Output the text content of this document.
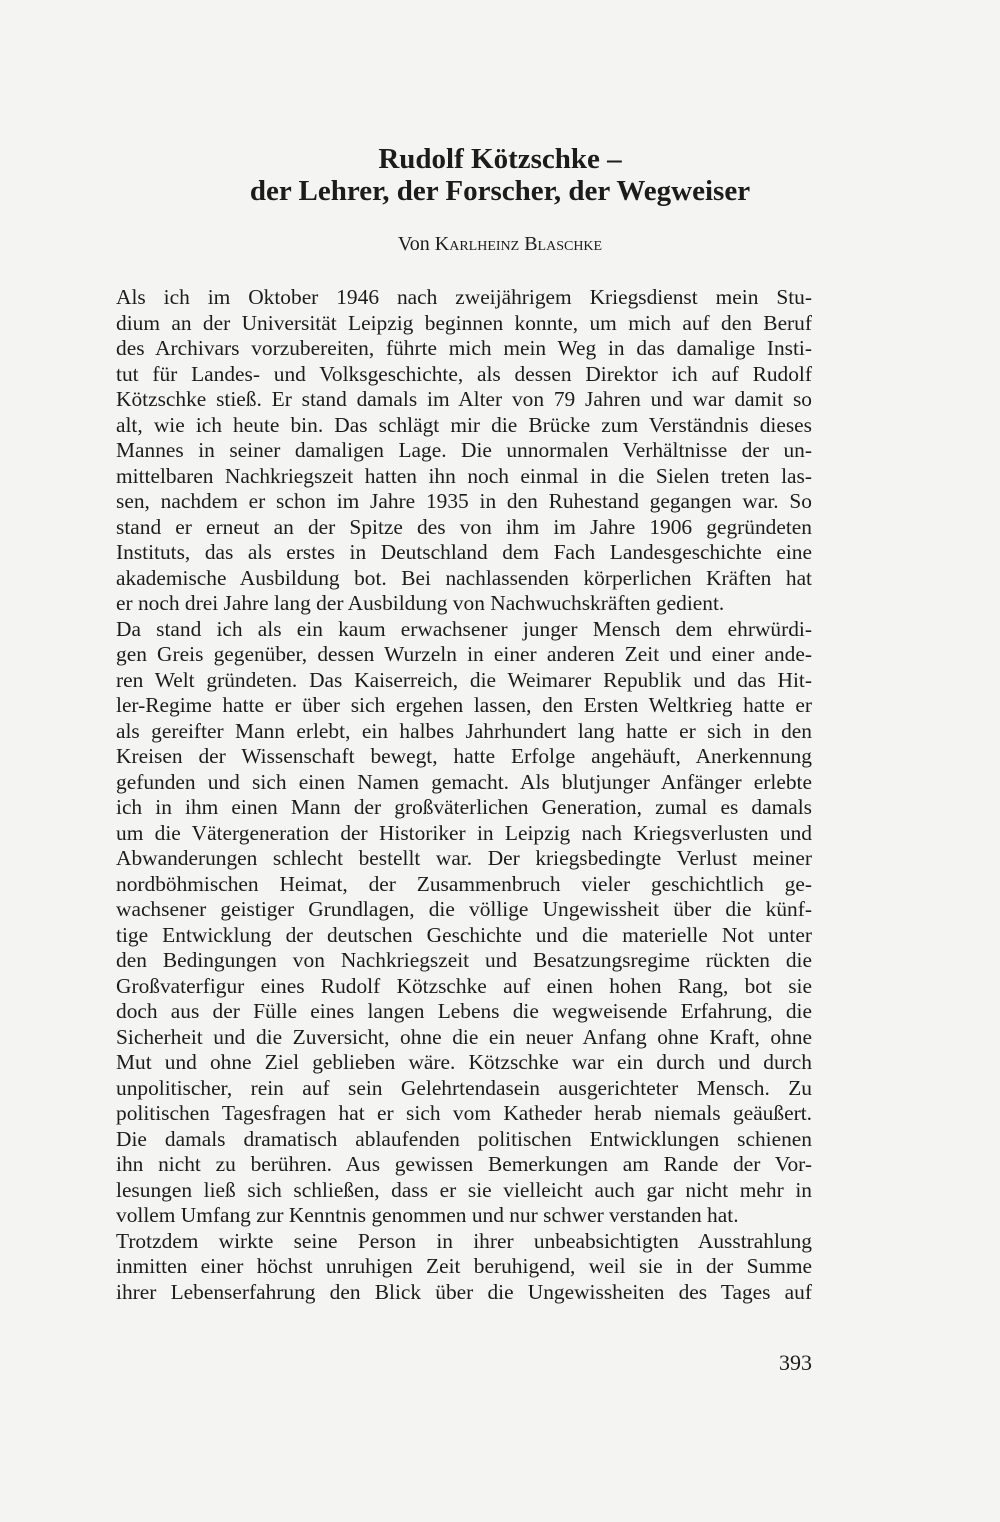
Rudolf Kötzschke –
der Lehrer, der Forscher, der Wegweiser

Von Karlheinz Blaschke

Als ich im Oktober 1946 nach zweijährigem Kriegsdienst mein Stu-
dium an der Universität Leipzig beginnen konnte, um mich auf den Beruf
des Archivars vorzubereiten, führte mich mein Weg in das damalige Insti-
tut für Landes- und Volksgeschichte, als dessen Direktor ich auf Rudolf
Kötzschke stieß. Er stand damals im Alter von 79 Jahren und war damit so
alt, wie ich heute bin. Das schlägt mir die Brücke zum Verständnis dieses
Mannes in seiner damaligen Lage. Die unnormalen Verhältnisse der un-
mittelbaren Nachkriegszeit hatten ihn noch einmal in die Sielen treten las-
sen, nachdem er schon im Jahre 1935 in den Ruhestand gegangen war. So
stand er erneut an der Spitze des von ihm im Jahre 1906 gegründeten
Instituts, das als erstes in Deutschland dem Fach Landesgeschichte eine
akademische Ausbildung bot. Bei nachlassenden körperlichen Kräften hat
er noch drei Jahre lang der Ausbildung von Nachwuchskräften gedient.
Da stand ich als ein kaum erwachsener junger Mensch dem ehrwürdi-
gen Greis gegenüber, dessen Wurzeln in einer anderen Zeit und einer ande-
ren Welt gründeten. Das Kaiserreich, die Weimarer Republik und das Hit-
ler-Regime hatte er über sich ergehen lassen, den Ersten Weltkrieg hatte er
als gereifter Mann erlebt, ein halbes Jahrhundert lang hatte er sich in den
Kreisen der Wissenschaft bewegt, hatte Erfolge angehäuft, Anerkennung
gefunden und sich einen Namen gemacht. Als blutjunger Anfänger erlebte
ich in ihm einen Mann der großväterlichen Generation, zumal es damals
um die Vätergeneration der Historiker in Leipzig nach Kriegsverlusten und
Abwanderungen schlecht bestellt war. Der kriegsbedingte Verlust meiner
nordböhmischen Heimat, der Zusammenbruch vieler geschichtlich ge-
wachsener geistiger Grundlagen, die völlige Ungewissheit über die künf-
tige Entwicklung der deutschen Geschichte und die materielle Not unter
den Bedingungen von Nachkriegszeit und Besatzungsregime rückten die
Großvaterfigur eines Rudolf Kötzschke auf einen hohen Rang, bot sie
doch aus der Fülle eines langen Lebens die wegweisende Erfahrung, die
Sicherheit und die Zuversicht, ohne die ein neuer Anfang ohne Kraft, ohne
Mut und ohne Ziel geblieben wäre. Kötzschke war ein durch und durch
unpolitischer, rein auf sein Gelehrtendasein ausgerichteter Mensch. Zu
politischen Tagesfragen hat er sich vom Katheder herab niemals geäußert.
Die damals dramatisch ablaufenden politischen Entwicklungen schienen
ihn nicht zu berühren. Aus gewissen Bemerkungen am Rande der Vor-
lesungen ließ sich schließen, dass er sie vielleicht auch gar nicht mehr in
vollem Umfang zur Kenntnis genommen und nur schwer verstanden hat.
Trotzdem wirkte seine Person in ihrer unbeabsichtigten Ausstrahlung
inmitten einer höchst unruhigen Zeit beruhigend, weil sie in der Summe
ihrer Lebenserfahrung den Blick über die Ungewissheiten des Tages auf

393
